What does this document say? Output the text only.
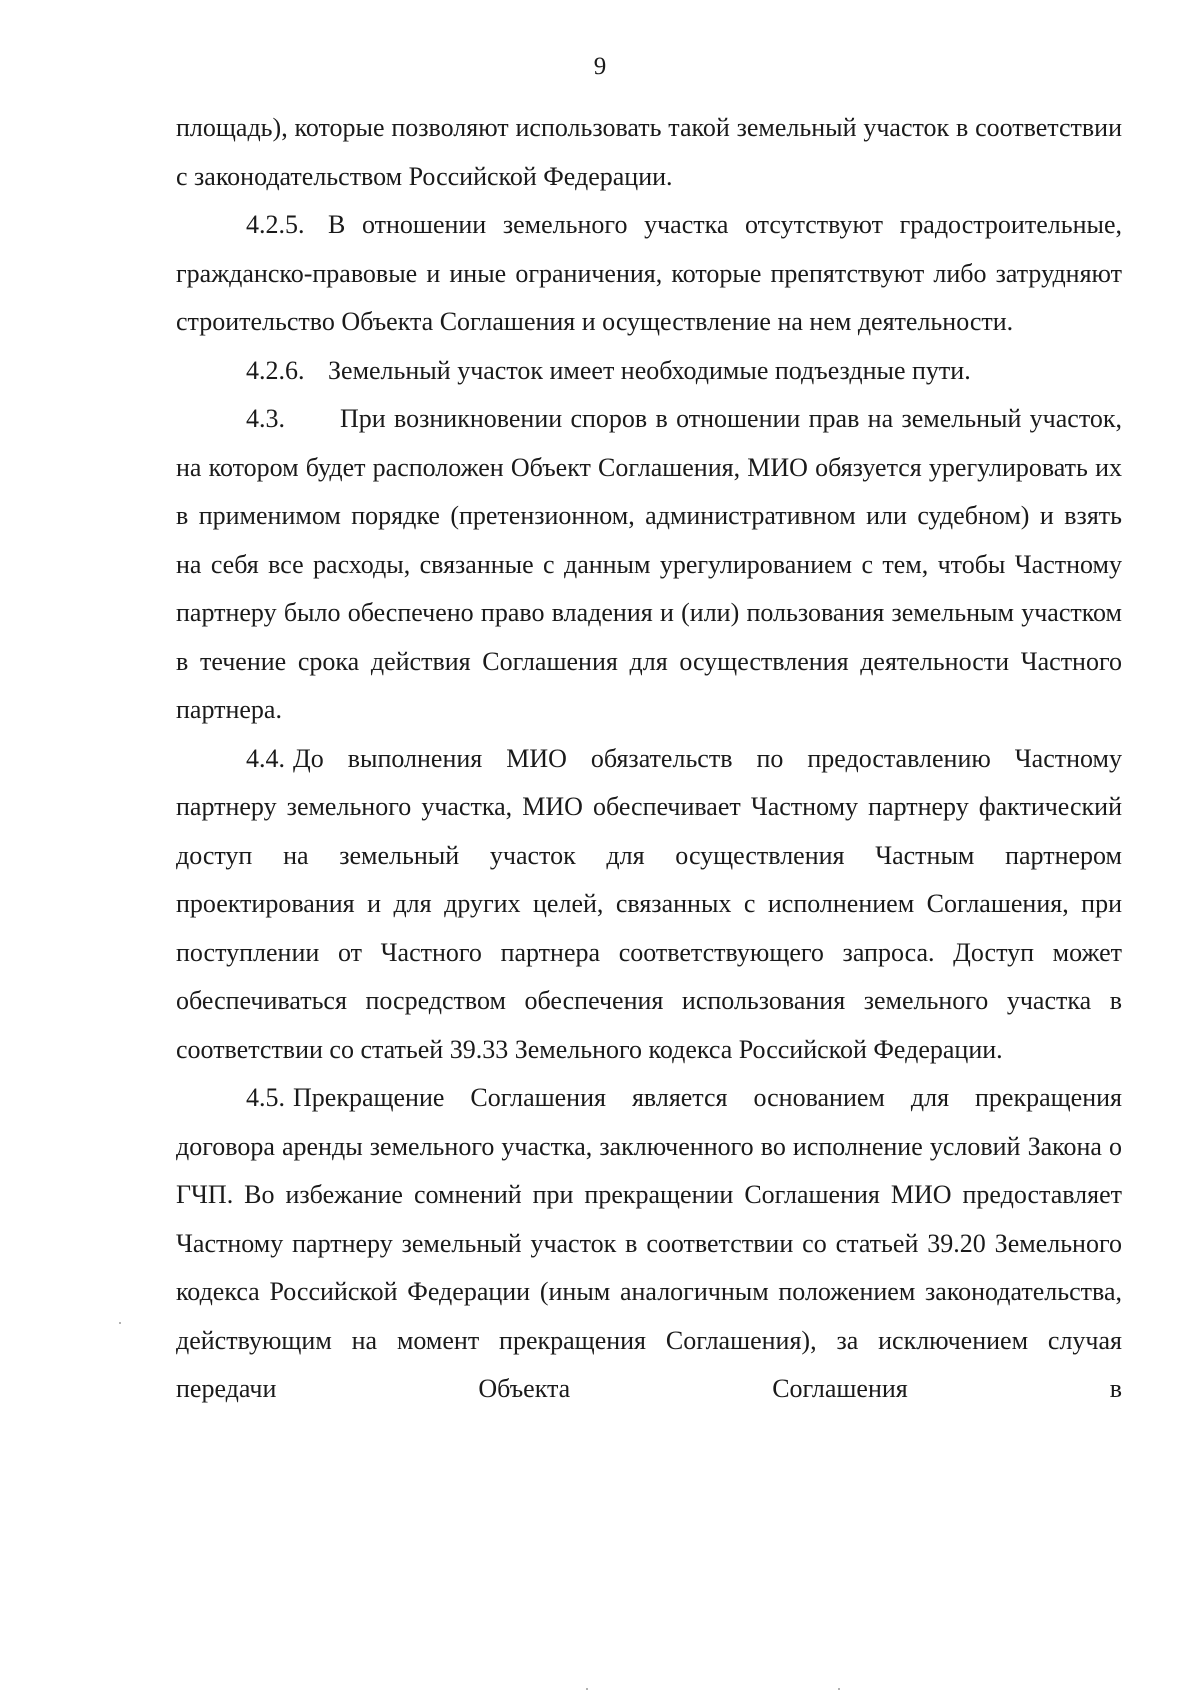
9

площадь), которые позволяют использовать такой земельный участок в соответствии с законодательством Российской Федерации.

4.2.5. В отношении земельного участка отсутствуют градостроительные, гражданско-правовые и иные ограничения, которые препятствуют либо затрудняют строительство Объекта Соглашения и осуществление на нем деятельности.

4.2.6. Земельный участок имеет необходимые подъездные пути.

4.3. При возникновении споров в отношении прав на земельный участок, на котором будет расположен Объект Соглашения, МИО обязуется урегулировать их в применимом порядке (претензионном, административном или судебном) и взять на себя все расходы, связанные с данным урегулированием с тем, чтобы Частному партнеру было обеспечено право владения и (или) пользования земельным участком в течение срока действия Соглашения для осуществления деятельности Частного партнера.

4.4. До выполнения МИО обязательств по предоставлению Частному партнеру земельного участка, МИО обеспечивает Частному партнеру фактический доступ на земельный участок для осуществления Частным партнером проектирования и для других целей, связанных с исполнением Соглашения, при поступлении от Частного партнера соответствующего запроса. Доступ может обеспечиваться посредством обеспечения использования земельного участка в соответствии со статьей 39.33 Земельного кодекса Российской Федерации.

4.5. Прекращение Соглашения является основанием для прекращения договора аренды земельного участка, заключенного во исполнение условий Закона о ГЧП. Во избежание сомнений при прекращении Соглашения МИО предоставляет Частному партнеру земельный участок в соответствии со статьей 39.20 Земельного кодекса Российской Федерации (иным аналогичным положением законодательства, действующим на момент прекращения Соглашения), за исключением случая передачи Объекта Соглашения в
